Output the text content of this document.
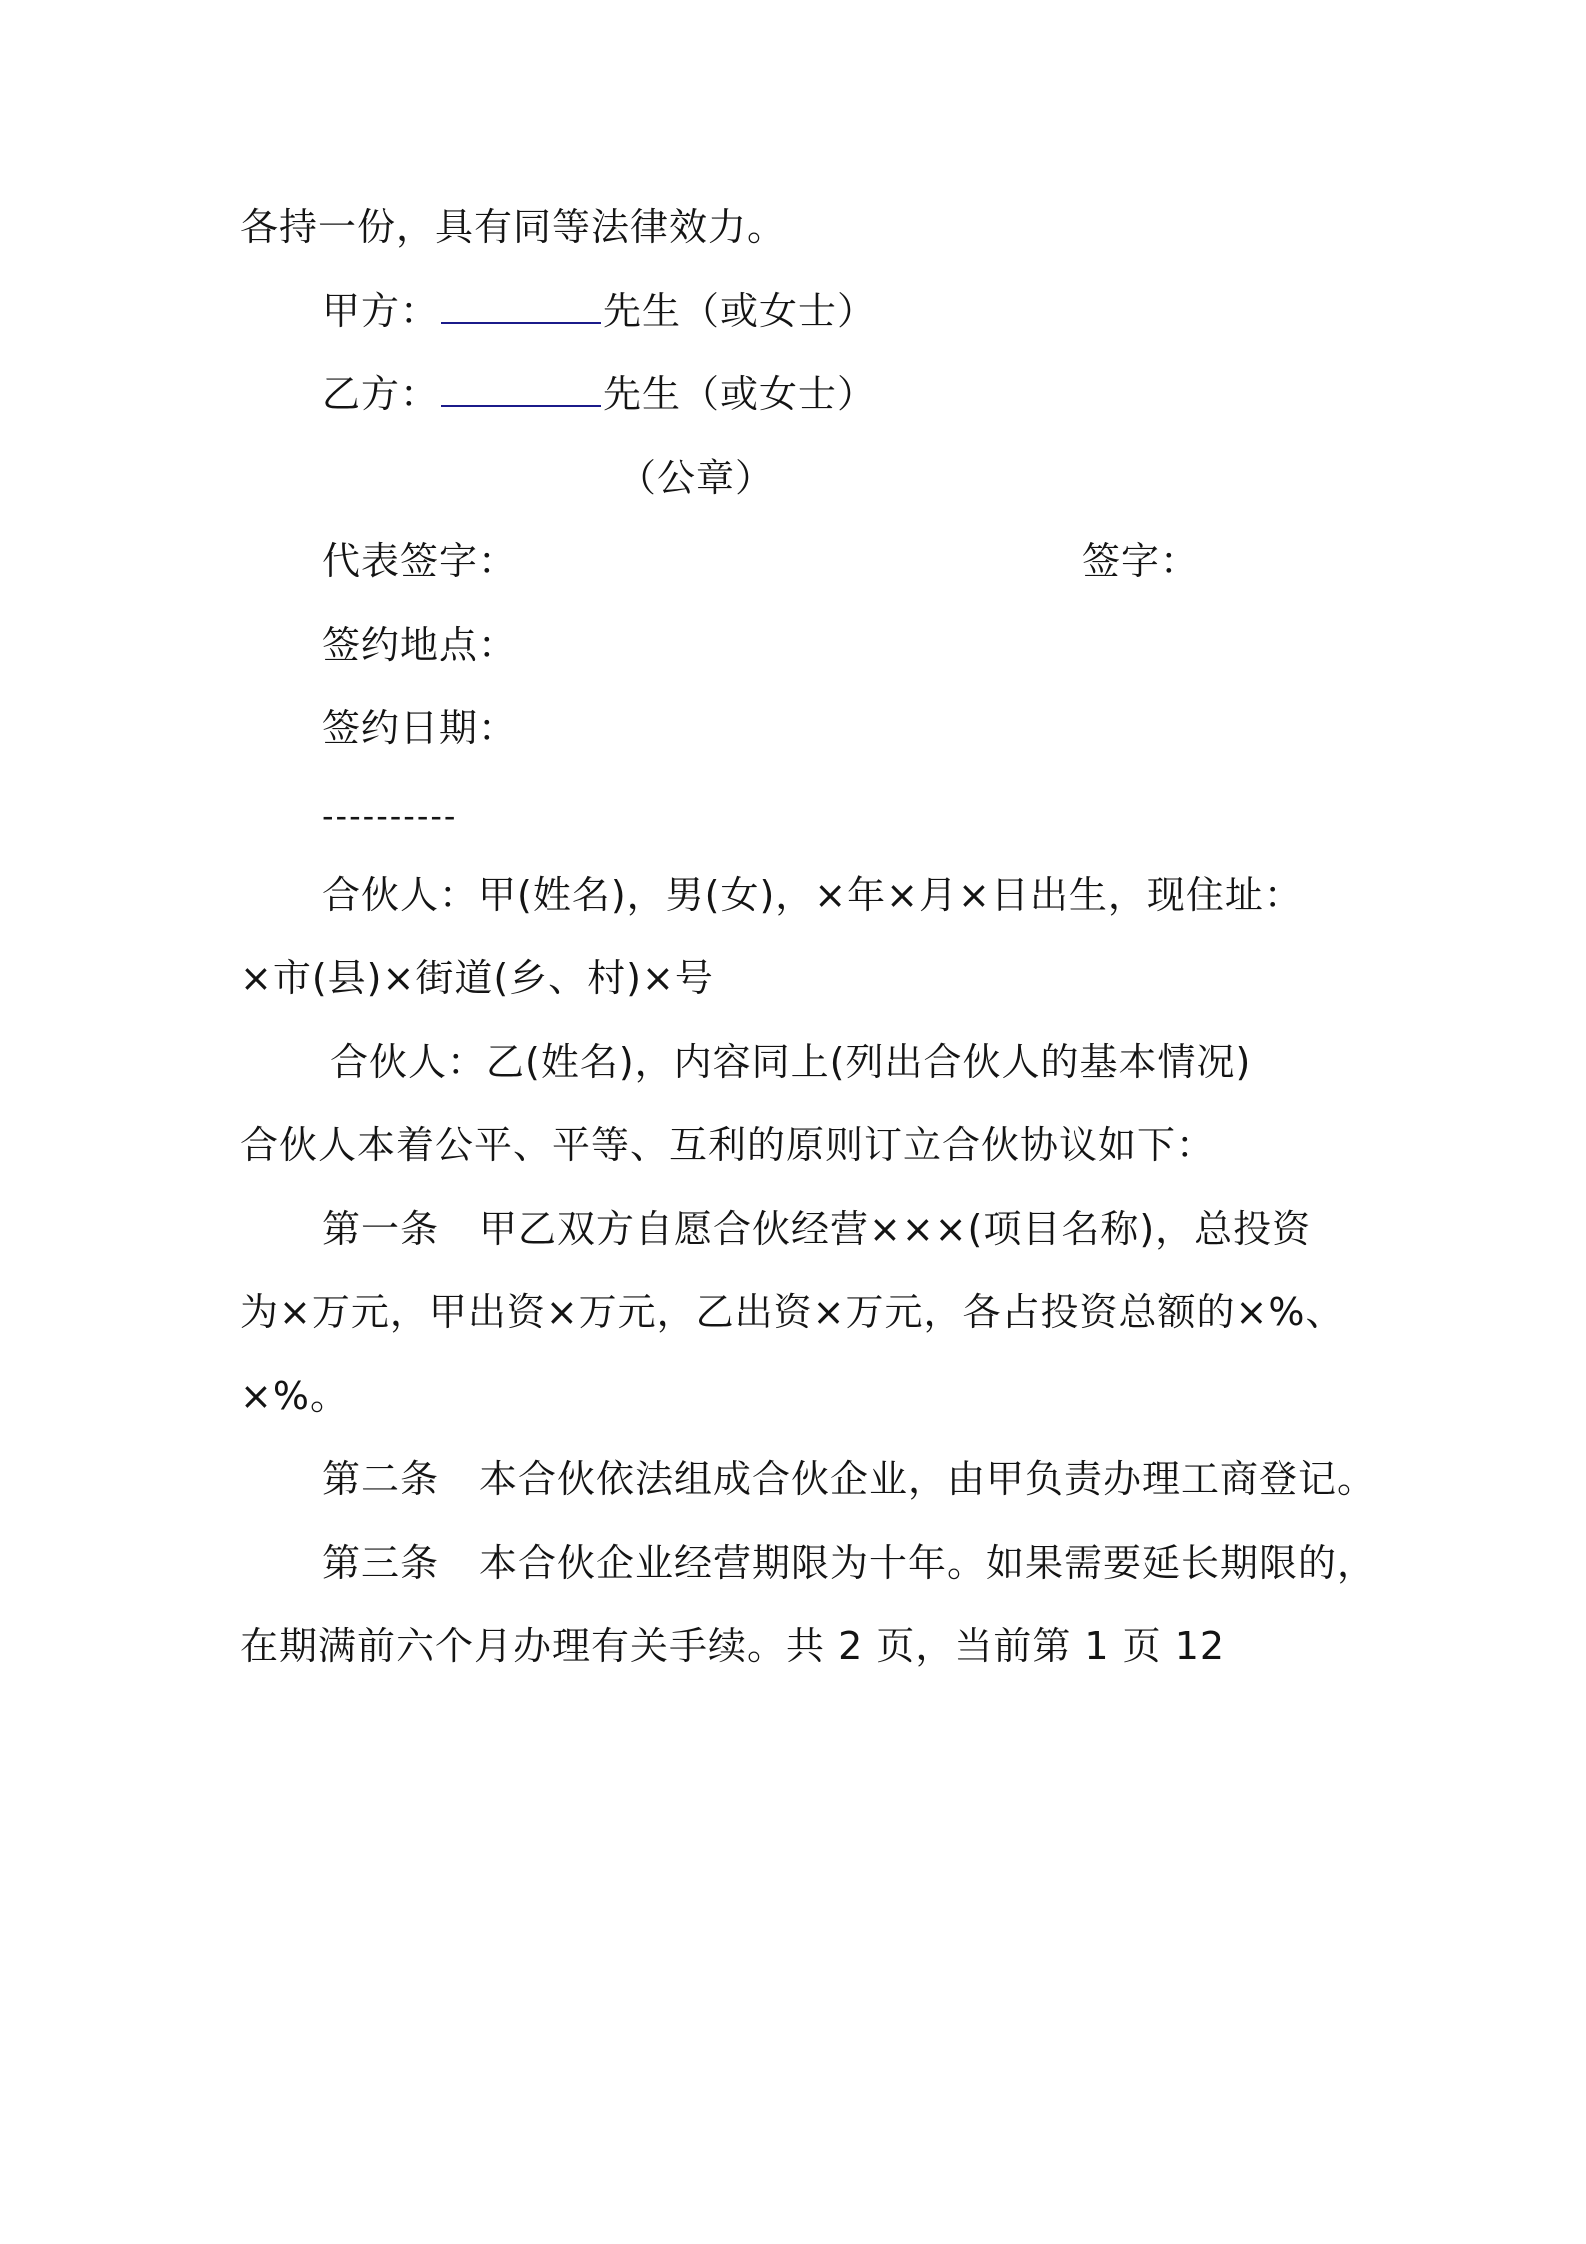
各持一份，具有同等法律效力。
甲方：	先生（或女士）
乙方：	先生（或女士）
（公章）
代表签字：	签字：
签约地点：
签约日期：
----------
合伙人：甲(姓名)，男(女)，×年×月×日出生，现住址：
×市(县)×街道(乡、村)×号
合伙人：乙(姓名)，内容同上(列出合伙人的基本情况)
合伙人本着公平、平等、互利的原则订立合伙协议如下：
第一条 甲乙双方自愿合伙经营×××(项目名称)，总投资
为×万元，甲出资×万元，乙出资×万元，各占投资总额的×%、
×%。
第二条 本合伙依法组成合伙企业，由甲负责办理工商登记。
第三条 本合伙企业经营期限为十年。如果需要延长期限的，
在期满前六个月办理有关手续。共 2 页，当前第 1 页 12
